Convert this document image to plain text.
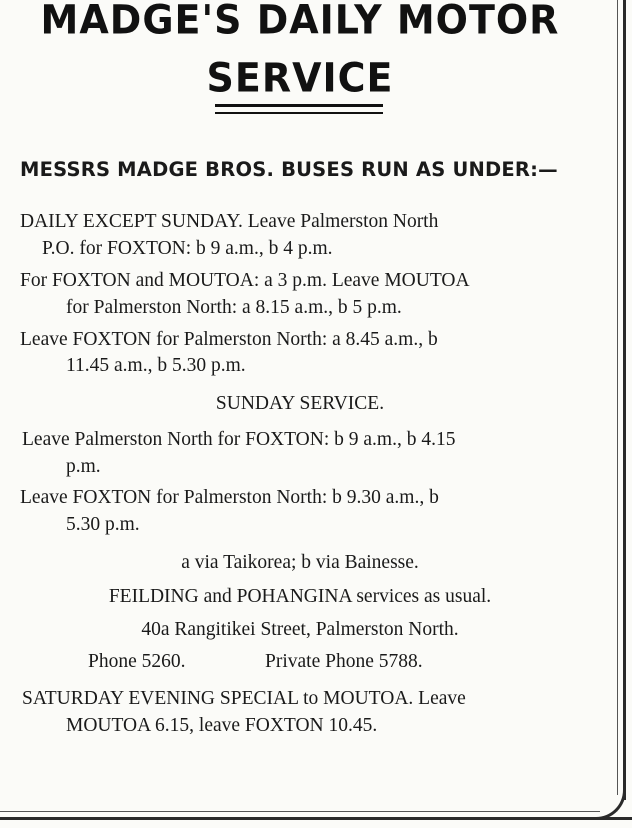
MADGE'S DAILY MOTOR
SERVICE
MESSRS MADGE BROS. BUSES RUN AS UNDER:—
DAILY EXCEPT SUNDAY. Leave Palmerston North
P.O. for FOXTON: b 9 a.m., b 4 p.m.
For FOXTON and MOUTOA: a 3 p.m. Leave MOUTOA
for Palmerston North: a 8.15 a.m., b 5 p.m.
Leave FOXTON for Palmerston North: a 8.45 a.m., b
11.45 a.m., b 5.30 p.m.
SUNDAY SERVICE.
Leave Palmerston North for FOXTON: b 9 a.m., b 4.15
p.m.
Leave FOXTON for Palmerston North: b 9.30 a.m., b
5.30 p.m.
a via Taikorea; b via Bainesse.
FEILDING and POHANGINA services as usual.
40a Rangitikei Street, Palmerston North.
Phone 5260.	Private Phone 5788.
SATURDAY EVENING SPECIAL to MOUTOA. Leave
MOUTOA 6.15, leave FOXTON 10.45.
